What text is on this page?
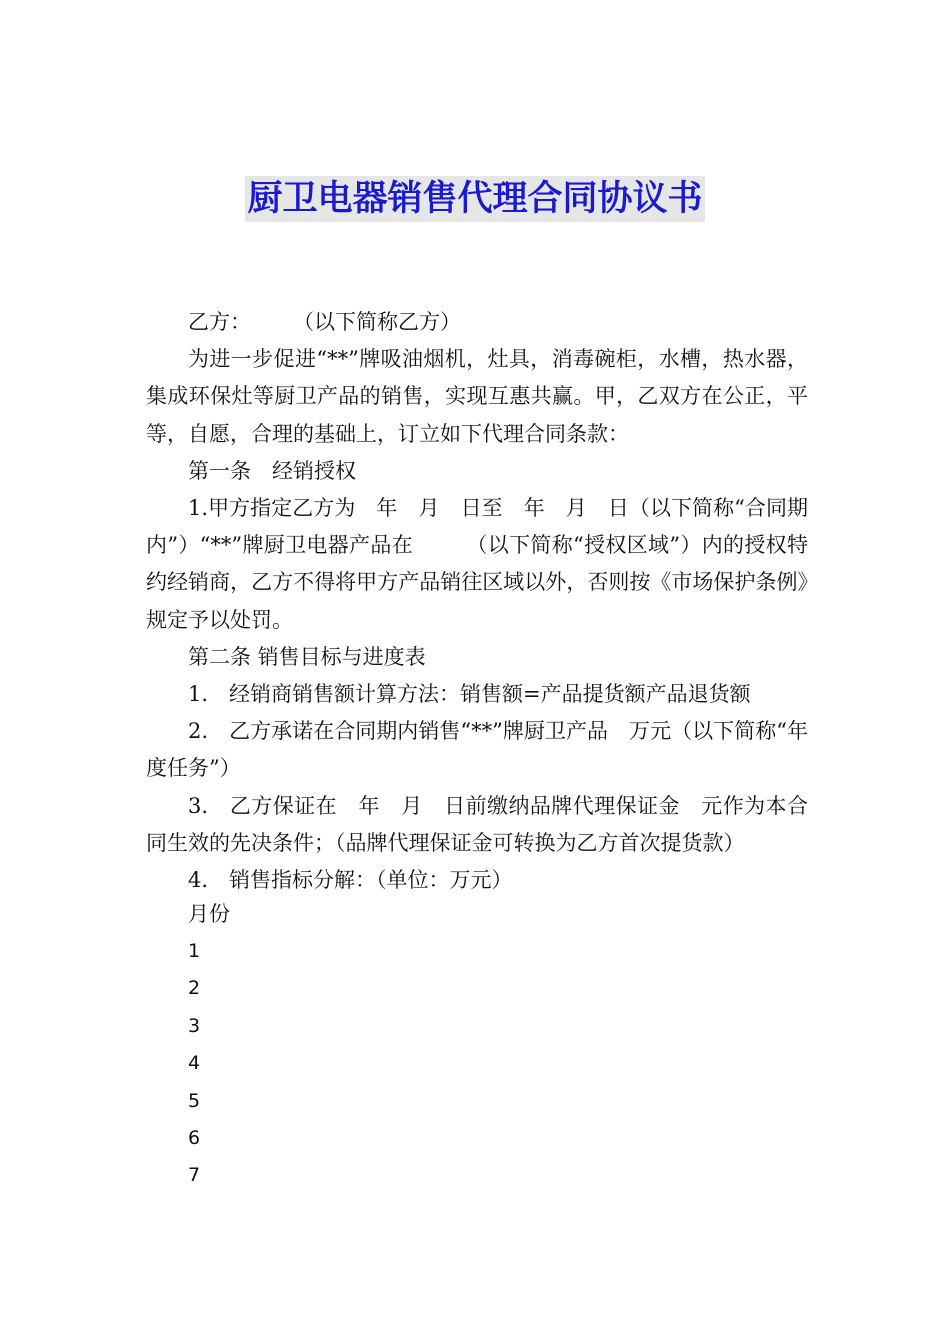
厨卫电器销售代理合同协议书

乙方：　　　（以下简称乙方）

为进一步促进“**”牌吸油烟机，灶具，消毒碗柜，水槽，热水器，集成环保灶等厨卫产品的销售，实现互惠共赢。甲，乙双方在公正，平等，自愿，合理的基础上，订立如下代理合同条款：

第一条　经销授权

1.甲方指定乙方为　年　月　日至　年　月　日（以下简称“合同期内”）“**”牌厨卫电器产品在　　　（以下简称“授权区域”）内的授权特约经销商，乙方不得将甲方产品销往区域以外，否则按《市场保护条例》规定予以处罚。

第二条 销售目标与进度表

1.　经销商销售额计算方法：销售额=产品提货额产品退货额

2.　乙方承诺在合同期内销售“**”牌厨卫产品　万元（以下简称“年度任务”）

3.　乙方保证在　年　月　日前缴纳品牌代理保证金　元作为本合同生效的先决条件；（品牌代理保证金可转换为乙方首次提货款）

4.　销售指标分解：（单位：万元）

月份
1
2
3
4
5
6
7
